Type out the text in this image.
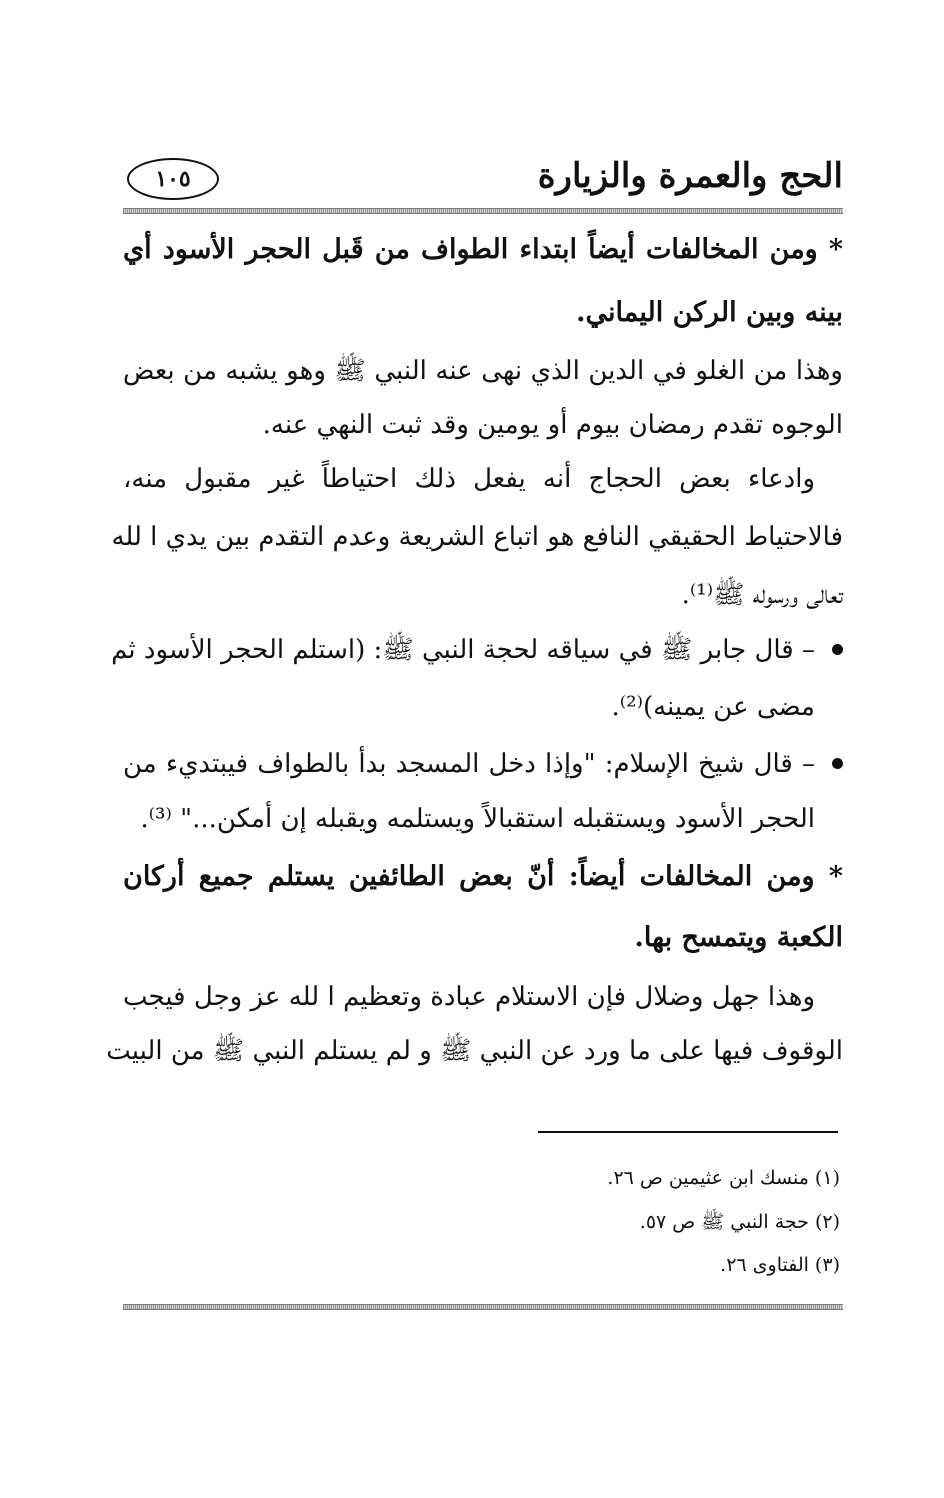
الحج والعمرة والزيارة
١٠٥
* ومن المخالفات أيضاً ابتداء الطواف من قَبل الحجر الأسود أي
بينه وبين الركن اليماني.
وهذا من الغلو في الدين الذي نهى عنه النبي ﷺ وهو يشبه من بعض
الوجوه تقدم رمضان بيوم أو يومين وقد ثبت النهي عنه.
وادعاء بعض الحجاج أنه يفعل ذلك احتياطاً غير مقبول منه،
فالاحتياط الحقيقي النافع هو اتباع الشريعة وعدم التقدم بين يدي ا لله
تعالى ورسوله ﷺ⁽¹⁾.
– قال جابر ﷺ في سياقه لحجة النبي ﷺ: (استلم الحجر الأسود ثم
مضى عن يمينه)⁽²⁾.
– قال شيخ الإسلام: "وإذا دخل المسجد بدأ بالطواف فيبتديء من
الحجر الأسود ويستقبله استقبالاً ويستلمه ويقبله إن أمكن..." ⁽³⁾.
* ومن المخالفات أيضاً: أنّ بعض الطائفين يستلم جميع أركان
الكعبة ويتمسح بها.
وهذا جهل وضلال فإن الاستلام عبادة وتعظيم ا لله عز وجل فيجب
الوقوف فيها على ما ورد عن النبي ﷺ و لم يستلم النبي ﷺ من البيت
(١) منسك ابن عثيمين ص ٢٦.
(٢) حجة النبي ﷺ ص ٥٧.
(٣) الفتاوى ٢٦.
